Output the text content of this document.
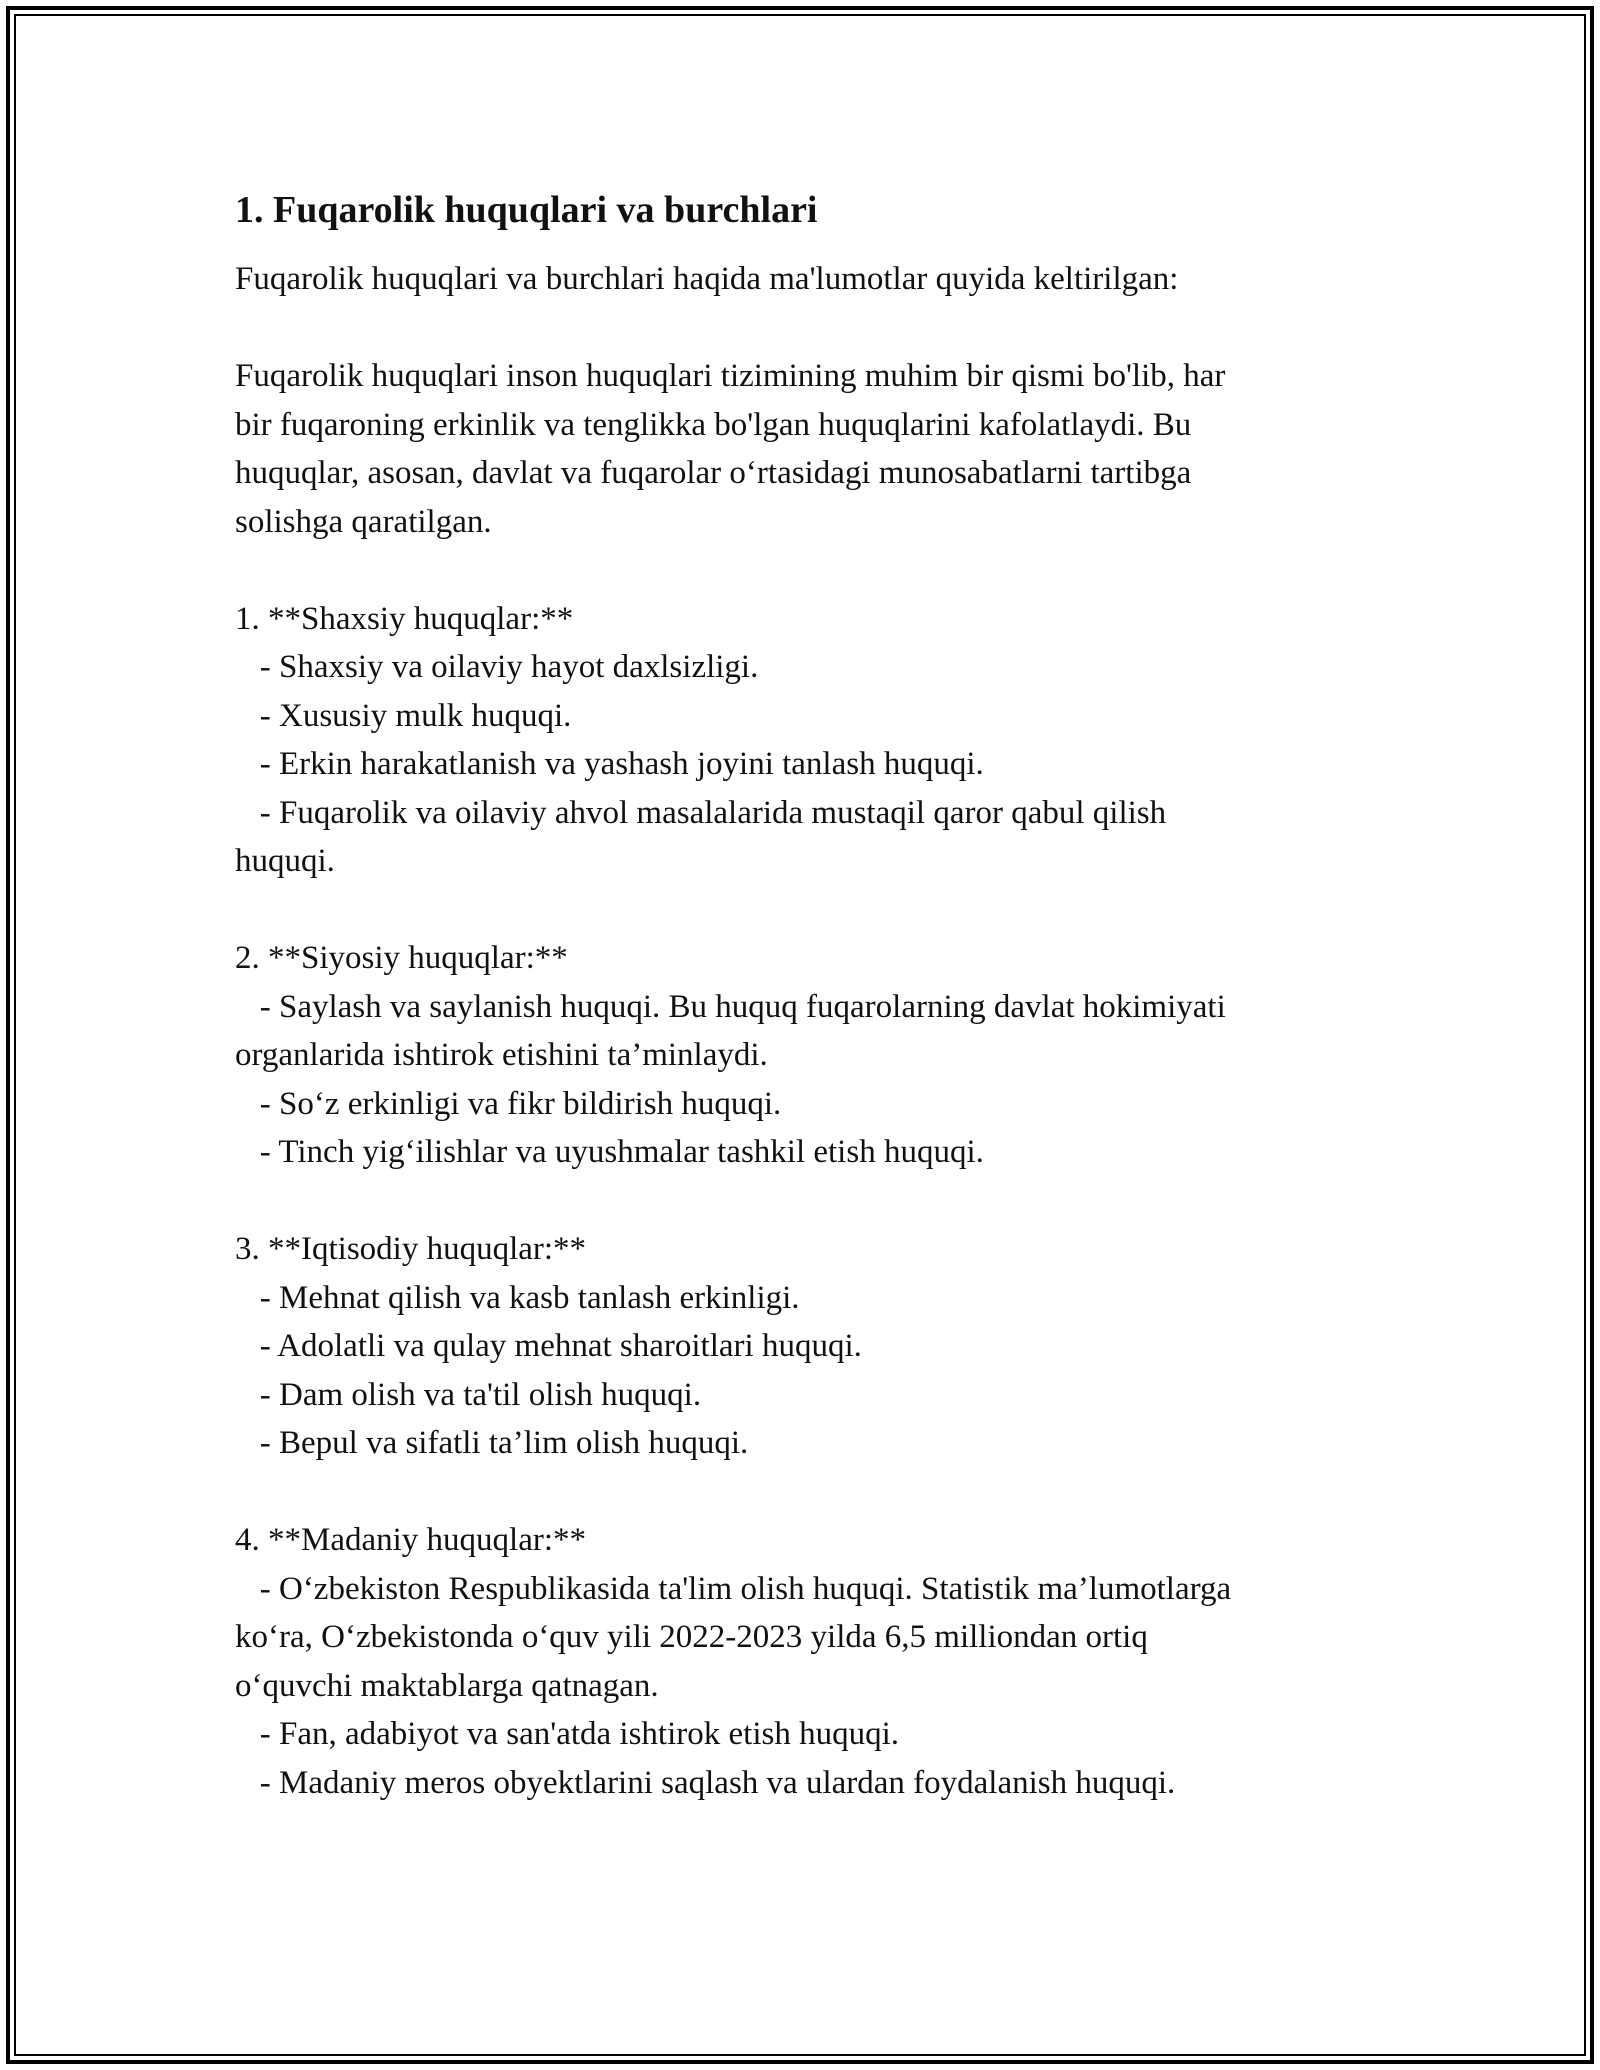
1. Fuqarolik huquqlari va burchlari

Fuqarolik huquqlari va burchlari haqida ma'lumotlar quyida keltirilgan:

Fuqarolik huquqlari inson huquqlari tizimining muhim bir qismi bo'lib, har

bir fuqaroning erkinlik va tenglikka bo'lgan huquqlarini kafolatlaydi. Bu

huquqlar, asosan, davlat va fuqarolar o‘rtasidagi munosabatlarni tartibga

solishga qaratilgan.

1. **Shaxsiy huquqlar:**

- Shaxsiy va oilaviy hayot daxlsizligi.

- Xususiy mulk huquqi.

- Erkin harakatlanish va yashash joyini tanlash huquqi.

- Fuqarolik va oilaviy ahvol masalalarida mustaqil qaror qabul qilish

huquqi.

2. **Siyosiy huquqlar:**

- Saylash va saylanish huquqi. Bu huquq fuqarolarning davlat hokimiyati

organlarida ishtirok etishini ta’minlaydi.

- So‘z erkinligi va fikr bildirish huquqi.

- Tinch yig‘ilishlar va uyushmalar tashkil etish huquqi.

3. **Iqtisodiy huquqlar:**

- Mehnat qilish va kasb tanlash erkinligi.

- Adolatli va qulay mehnat sharoitlari huquqi.

- Dam olish va ta'til olish huquqi.

- Bepul va sifatli ta’lim olish huquqi.

4. **Madaniy huquqlar:**

- O‘zbekiston Respublikasida ta'lim olish huquqi. Statistik ma’lumotlarga

ko‘ra, O‘zbekistonda o‘quv yili 2022-2023 yilda 6,5 milliondan ortiq

o‘quvchi maktablarga qatnagan.

- Fan, adabiyot va san'atda ishtirok etish huquqi.

- Madaniy meros obyektlarini saqlash va ulardan foydalanish huquqi.
